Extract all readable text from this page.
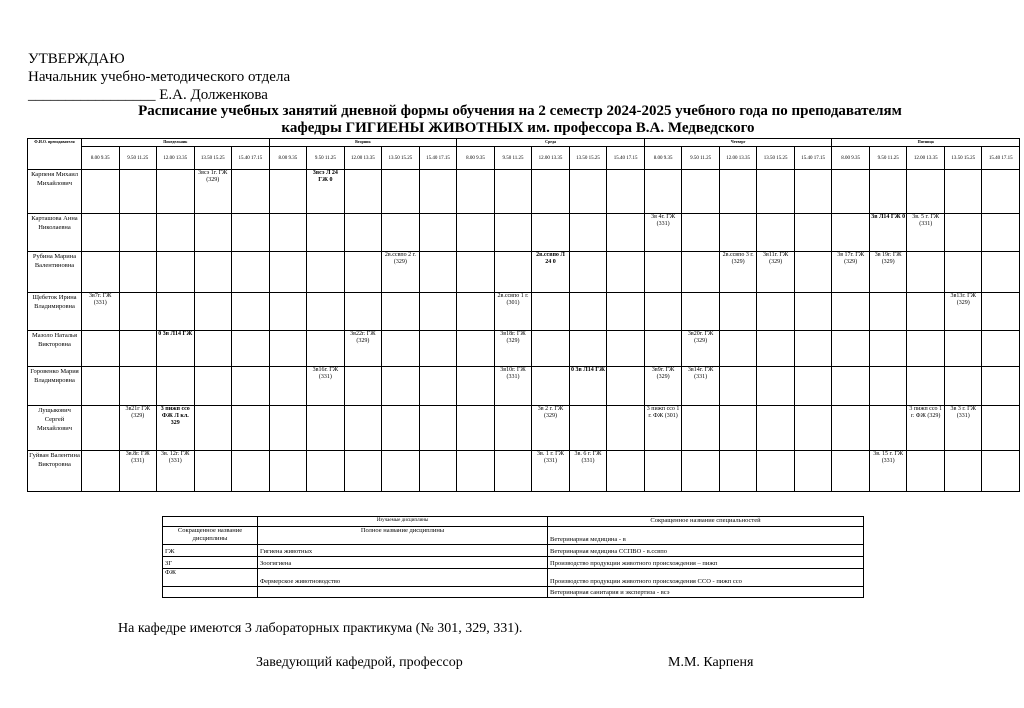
УТВЕРЖДАЮ
Начальник учебно-методического отдела
_________________ Е.А. Долженкова
Расписание учебных занятий дневной формы обучения на 2 семестр 2024-2025 учебного года по преподавателям
кафедры ГИГИЕНЫ ЖИВОТНЫХ им. профессора В.А. Медведского
Ф.И.О. преподавателя	Понедельник					Вторник					Среда					Четверг					Пятница				
	8.00 9.35	9.50 11.25	12.00 13.35	13.50 15.25	15.40 17.15	8.00 9.35	9.50 11.25	12.00 13.35	13.50 15.25	15.40 17.15	8.00 9.35	9.50 11.25	12.00 13.35	13.50 15.25	15.40 17.15	8.00 9.35	9.50 11.25	12.00 13.35	13.50 15.25	15.40 17.15	8.00 9.35	9.50 11.25	12.00 13.35	13.50 15.25	15.40 17.15
Карпеня Михаил Михайлович				3всэ 1г. ГЖ (329)			3всэ Л 24 ГЖ 0																		
Карташова Анна Николаевна																3в 4г. ГЖ (331)						3в Л14 ГЖ 0	3в. 5 г. ГЖ (331)		
Рубина Марина Валентиновна									2в.ссвпо 2 г. (329)				2в.ссвпо Л 24 0					2в.ссвпо 3 г. (329)	3в11г. ГЖ (329)		3в 17г. ГЖ (329)	3в 19г. ГЖ (329)			
Щебеток Ирина Владимировна	3в7г. ГЖ (331)											2в.ссвпо 1 г. (301)												3в13г. ГЖ (329)	
Мазоло Наталья Викторовна			0 3в Л14 ГЖ					3в22г. ГЖ (329)				3в18г. ГЖ (329)					3в20г. ГЖ (329)								
Горовенко Мария Владимировна							3в16г. ГЖ (331)					3в10г. ГЖ (331)		0 3в Л14 ГЖ		3в9г. ГЖ (329)	3в14г. ГЖ (331)								
Лущыкович Сергей Михайлович		3в21г ГЖ (329)	3 пижп ссо ФЖ Л кл. 329										3в 2 г. ГЖ (329)			3 пижп ссо 1 г. ФЖ (301)							3 пижп ссо 1 г. ФЖ (329)	3в 3 г. ГЖ (331)	
Гуйван Валентина Викторовна		3в.8г. ГЖ (331)	3в. 12г. ГЖ (331)										3в. 1 г. ГЖ (331)	3в. 6 г. ГЖ (331)								3в. 15 г. ГЖ (331)			
	Изучаемые дисциплины	Сокращенное название специальностей
Сокращенное название дисциплины	Полное название дисциплины	Ветеринарная медицина - в
ГЖ	Гигиена животных	Ветеринарная медицина ССПВО - в.ссвпо
ЗГ	Зоогигиена	Производство продукции животного происхождения – пижп
ФЖ	Фермерское животноводство	Производство продукции животного происхождения ССО - пижп ссо
		Ветеринарная санитария и экспертиза - всэ
На кафедре имеются 3 лабораторных практикума (№ 301, 329, 331).
Заведующий кафедрой, профессор	М.М. Карпеня
